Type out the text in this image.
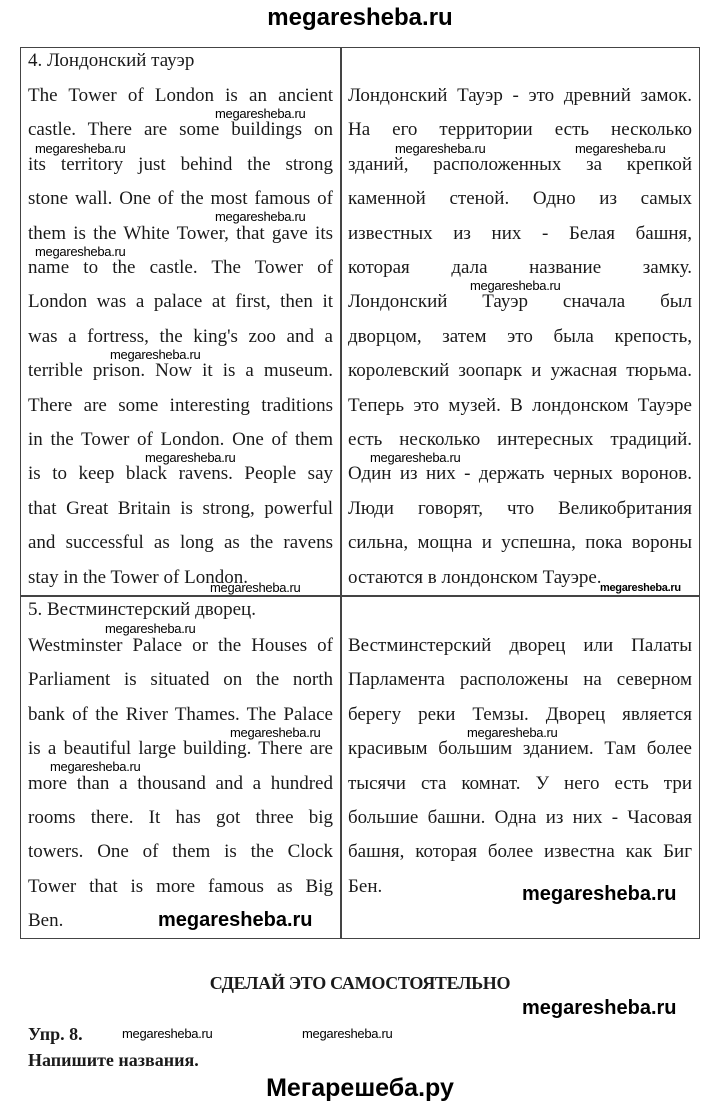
megaresheba.ru
4. Лондонский тауэр
The Tower of London is an ancient
castle. There are some buildings on
its territory just behind the strong
stone wall. One of the most famous of
them is the White Tower, that gave its
name to the castle. The Tower of
London was a palace at first, then it
was a fortress, the king's zoo and a
terrible prison. Now it is a museum.
There are some interesting traditions
in the Tower of London. One of them
is to keep black ravens. People say
that Great Britain is strong, powerful
and successful as long as the ravens
stay in the Tower of London.
Лондонский Тауэр - это древний замок.
На его территории есть несколько
зданий, расположенных за крепкой
каменной стеной. Одно из самых
известных из них - Белая башня,
которая дала название замку.
Лондонский Тауэр сначала был
дворцом, затем это была крепость,
королевский зоопарк и ужасная тюрьма.
Теперь это музей. В лондонском Тауэре
есть несколько интересных традиций.
Один из них - держать черных воронов.
Люди говорят, что Великобритания
сильна, мощна и успешна, пока вороны
остаются в лондонском Тауэре.
5. Вестминстерский дворец.
Westminster Palace or the Houses of
Parliament is situated on the north
bank of the River Thames. The Palace
is a beautiful large building. There are
more than a thousand and a hundred
rooms there. It has got three big
towers. One of them is the Clock
Tower that is more famous as Big
Ben.
Вестминстерский дворец или Палаты
Парламента расположены на северном
берегу реки Темзы. Дворец является
красивым большим зданием. Там более
тысячи ста комнат. У него есть три
большие башни. Одна из них - Часовая
башня, которая более известна как Биг
Бен.
megaresheba.ru
megaresheba.ru	megaresheba.ru	megaresheba.ru
megaresheba.ru
megaresheba.ru
megaresheba.ru
megaresheba.ru
megaresheba.ru	megaresheba.ru
megaresheba.ru
megaresheba.ru
megaresheba.ru
megaresheba.ru	megaresheba.ru
megaresheba.ru
megaresheba.ru
megaresheba.ru
СДЕЛАЙ ЭТО САМОСТОЯТЕЛЬНО
megaresheba.ru
Упр. 8.	megaresheba.ru	megaresheba.ru
Напишите названия.
Мегарешеба.ру
